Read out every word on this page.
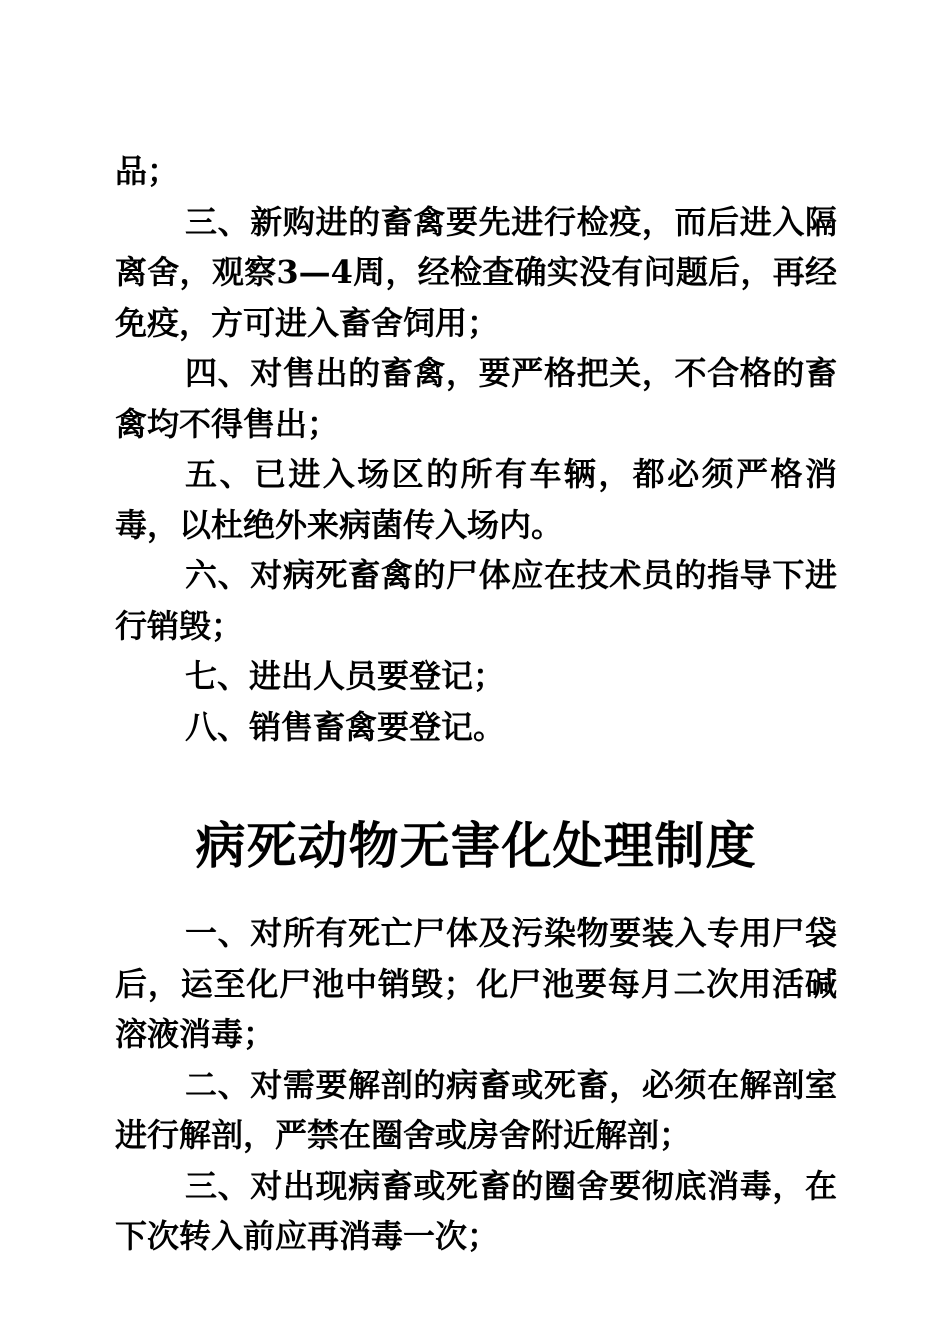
品；

三、新购进的畜禽要先进行检疫，而后进入隔离舍，观察3—4周，经检查确实没有问题后，再经免疫，方可进入畜舍饲用；

四、对售出的畜禽，要严格把关，不合格的畜禽均不得售出；

五、已进入场区的所有车辆，都必须严格消毒，以杜绝外来病菌传入场内。

六、对病死畜禽的尸体应在技术员的指导下进行销毁；

七、进出人员要登记；

八、销售畜禽要登记。

病死动物无害化处理制度

一、对所有死亡尸体及污染物要装入专用尸袋后，运至化尸池中销毁；化尸池要每月二次用活碱溶液消毒；

二、对需要解剖的病畜或死畜，必须在解剖室进行解剖，严禁在圈舍或房舍附近解剖；

三、对出现病畜或死畜的圈舍要彻底消毒，在下次转入前应再消毒一次；
